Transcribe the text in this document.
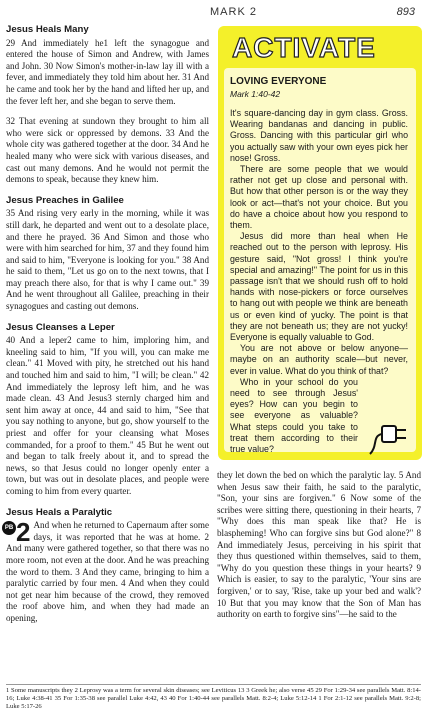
MARK 2	893
Jesus Heals Many

29 And immediately he1 left the synagogue and entered the house of Simon and Andrew, with James and John. 30 Now Simon's mother-in-law lay ill with a fever, and immediately they told him about her. 31 And he came and took her by the hand and lifted her up, and the fever left her, and she began to serve them.

32 That evening at sundown they brought to him all who were sick or oppressed by demons. 33 And the whole city was gathered together at the door. 34 And he healed many who were sick with various diseases, and cast out many demons. And he would not permit the demons to speak, because they knew him.

Jesus Preaches in Galilee

35 And rising very early in the morning, while it was still dark, he departed and went out to a desolate place, and there he prayed. 36 And Simon and those who were with him searched for him, 37 and they found him and said to him, "Everyone is looking for you." 38 And he said to them, "Let us go on to the next towns, that I may preach there also, for that is why I came out." 39 And he went throughout all Galilee, preaching in their synagogues and casting out demons.

Jesus Cleanses a Leper

40 And a leper2 came to him, imploring him, and kneeling said to him, "If you will, you can make me clean." 41 Moved with pity, he stretched out his hand and touched him and said to him, "I will; be clean." 42 And immediately the leprosy left him, and he was made clean. 43 And Jesus3 sternly charged him and sent him away at once, 44 and said to him, "See that you say nothing to anyone, but go, show yourself to the priest and offer for your cleansing what Moses commanded, for a proof to them." 45 But he went out and began to talk freely about it, and to spread the news, so that Jesus could no longer openly enter a town, but was out in desolate places, and people were coming to him from every quarter.

Jesus Heals a Paralytic

PB 2 And when he returned to Capernaum after some days, it was reported that he was at home. 2 And many were gathered together, so that there was no more room, not even at the door. And he was preaching the word to them. 3 And they came, bringing to him a paralytic carried by four men. 4 And when they could not get near him because of the crowd, they removed the roof above him, and when they had made an opening,

ACTIVATE
LOVING EVERYONE
Mark 1:40-42

It's square-dancing day in gym class. Gross. Wearing bandanas and dancing in public. Gross. Dancing with this particular girl who you actually saw with your own eyes pick her nose! Gross.

There are some people that we would rather not get up close and personal with. But how that other person is or the way they look or act—that's not your choice. But you do have a choice about how you respond to them.

Jesus did more than heal when He reached out to the person with leprosy. His gesture said, "Not gross! I think you're special and amazing!" The point for us in this passage isn't that we should rush off to hold hands with nose-pickers or force ourselves to hang out with people we think are beneath us or even kind of yucky. The point is that they are not beneath us; they are not yucky! Everyone is equally valuable to God.

You are not above or below anyone—maybe on an authority scale—but never, ever in value. What do you think of that?

Who in your school do you need to see through Jesus' eyes? How can you begin to see everyone as valuable? What steps could you take to treat them according to their true value?

they let down the bed on which the paralytic lay. 5 And when Jesus saw their faith, he said to the paralytic, "Son, your sins are forgiven." 6 Now some of the scribes were sitting there, questioning in their hearts, 7 "Why does this man speak like that? He is blaspheming! Who can forgive sins but God alone?" 8 And immediately Jesus, perceiving in his spirit that they thus questioned within themselves, said to them, "Why do you question these things in your hearts? 9 Which is easier, to say to the paralytic, 'Your sins are forgiven,' or to say, 'Rise, take up your bed and walk'? 10 But that you may know that the Son of Man has authority on earth to forgive sins"—he said to the

1 Some manuscripts they 2 Leprosy was a term for several skin diseases; see Leviticus 13 3 Greek he; also verse 45 29 For 1:29-34 see parallels Matt. 8:14-16; Luke 4:38-41 35 For 1:35-38 see parallel Luke 4:42, 43 40 For 1:40-44 see parallels Matt. 8:2-4; Luke 5:12-14 1 For 2:1-12 see parallels Matt. 9:2-8; Luke 5:17-26
